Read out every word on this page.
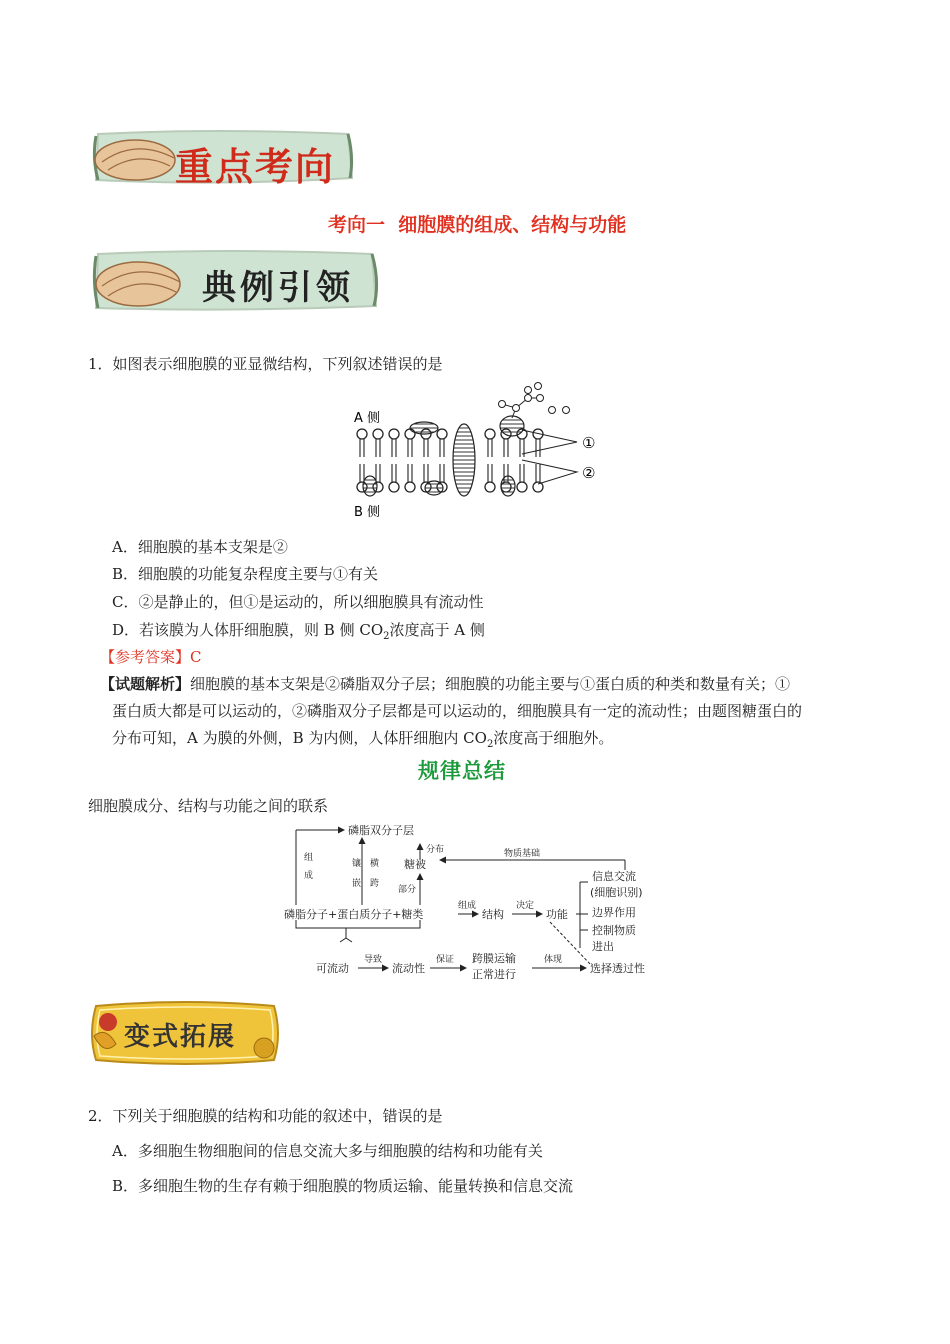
重点考向
考向一  细胞膜的组成、结构与功能
典例引领
1．如图表示细胞膜的亚显微结构，下列叙述错误的是
A 侧
B 侧
①
②
A．细胞膜的基本支架是②
B．细胞膜的功能复杂程度主要与①有关
C．②是静止的，但①是运动的，所以细胞膜具有流动性
D．若该膜为人体肝细胞膜，则 B 侧 $CO_2$浓度高于 A 侧
【参考答案】C
【试题解析】细胞膜的基本支架是②磷脂双分子层；细胞膜的功能主要与①蛋白质的种类和数量有关；①
蛋白质大都是可以运动的，②磷脂双分子层都是可以运动的，细胞膜具有一定的流动性；由题图糖蛋白的
分布可知，A 为膜的外侧，B 为内侧，人体肝细胞内 $CO_2$浓度高于细胞外。
规律总结
细胞膜成分、结构与功能之间的联系
磷脂双分子层
分布
糖被
物质基础
信息交流
(细胞识别)
组
成
镶
嵌
横
跨
部分
磷脂分子+蛋白质分子+糖类
组成
结构
决定
功能 边界作用
控制物质
进出
可流动
导致
流动性
保证 跨膜运输
正常进行
体现
选择透过性
变式拓展
2．下列关于细胞膜的结构和功能的叙述中，错误的是
A．多细胞生物细胞间的信息交流大多与细胞膜的结构和功能有关
B．多细胞生物的生存有赖于细胞膜的物质运输、能量转换和信息交流
